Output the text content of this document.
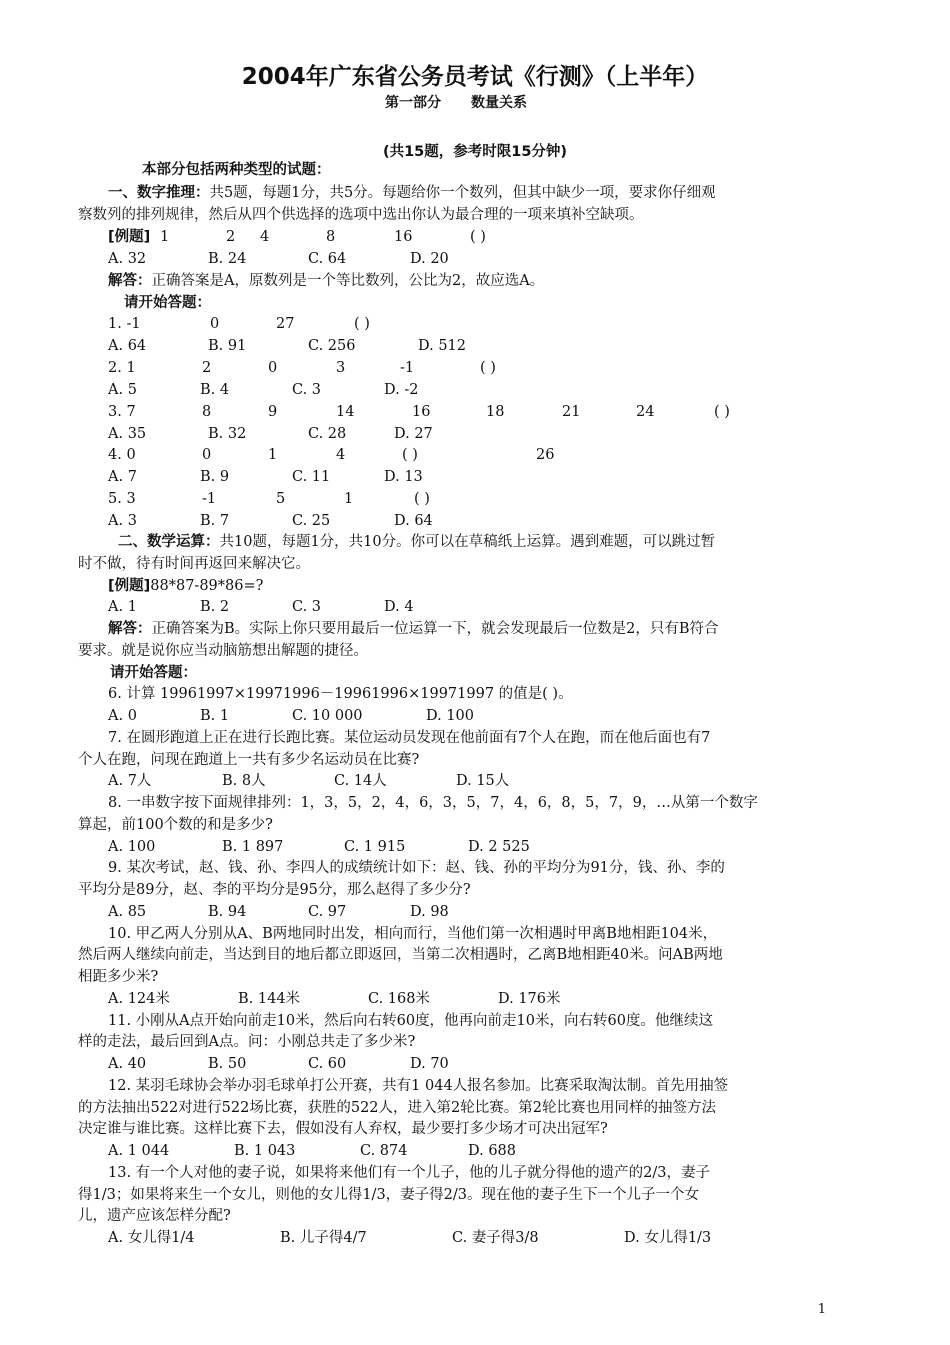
2004年广东省公务员考试《行测》（上半年）
第一部分 数量关系
(共15题，参考时限15分钟)
本部分包括两种类型的试题：
一、数字推理：共5题，每题1分，共5分。每题给你一个数列，但其中缺少一项，要求你仔细观
察数列的排列规律，然后从四个供选择的选项中选出你认为最合理的一项来填补空缺项。
[例题] 1	2 4	8	16	( )
A. 32	B. 24	C. 64	D. 20
解答：正确答案是A，原数列是一个等比数列，公比为2，故应选A。
请开始答题：
1. -1	0	27	( )
A. 64	B. 91	C. 256	D. 512
2. 1	2	0	3	-1	( )
A. 5	B. 4	C. 3	D. -2
3. 7	8	9	14	16	18	21	24	( )
A. 35	B. 32	C. 28	D. 27
4. 0	0	1	4	( )	26
A. 7	B. 9	C. 11	D. 13
5. 3	-1	5	1	( )
A. 3	B. 7	C. 25	D. 64
二、数学运算：共10题，每题1分，共10分。你可以在草稿纸上运算。遇到难题，可以跳过暂
时不做，待有时间再返回来解决它。
[例题]88*87-89*86=?
A. 1	B. 2	C. 3	D. 4
解答：正确答案为B。实际上你只要用最后一位运算一下，就会发现最后一位数是2，只有B符合
要求。就是说你应当动脑筋想出解题的捷径。
请开始答题：
6. 计算 19961997×19971996－19961996×19971997 的值是( )。
A. 0	B. 1	C. 10 000	D. 100
7. 在圆形跑道上正在进行长跑比赛。某位运动员发现在他前面有7个人在跑，而在他后面也有7
个人在跑，问现在跑道上一共有多少名运动员在比赛?
A. 7人	B. 8人	C. 14人	D. 15人
8. 一串数字按下面规律排列：1，3，5，2，4，6，3，5，7，4，6，8，5，7，9，…从第一个数字
算起，前100个数的和是多少?
A. 100	B. 1 897	C. 1 915	D. 2 525
9. 某次考试，赵、钱、孙、李四人的成绩统计如下：赵、钱、孙的平均分为91分，钱、孙、李的
平均分是89分，赵、李的平均分是95分，那么赵得了多少分?
A. 85	B. 94	C. 97	D. 98
10. 甲乙两人分别从A、B两地同时出发，相向而行，当他们第一次相遇时甲离B地相距104米，
然后两人继续向前走，当达到目的地后都立即返回，当第二次相遇时，乙离B地相距40米。问AB两地
相距多少米?
A. 124米	B. 144米	C. 168米	D. 176米
11. 小刚从A点开始向前走10米，然后向右转60度，他再向前走10米，向右转60度。他继续这
样的走法，最后回到A点。问：小刚总共走了多少米?
A. 40	B. 50	C. 60	D. 70
12. 某羽毛球协会举办羽毛球单打公开赛，共有1 044人报名参加。比赛采取淘汰制。首先用抽签
的方法抽出522对进行522场比赛，获胜的522人，进入第2轮比赛。第2轮比赛也用同样的抽签方法
决定谁与谁比赛。这样比赛下去，假如没有人弃权，最少要打多少场才可决出冠军?
A. 1 044	B. 1 043	C. 874	D. 688
13. 有一个人对他的妻子说，如果将来他们有一个儿子，他的儿子就分得他的遗产的2/3，妻子
得1/3；如果将来生一个女儿，则他的女儿得1/3，妻子得2/3。现在他的妻子生下一个儿子一个女
儿，遗产应该怎样分配?
A. 女儿得1/4	B. 儿子得4/7	C. 妻子得3/8	D. 女儿得1/3
1
